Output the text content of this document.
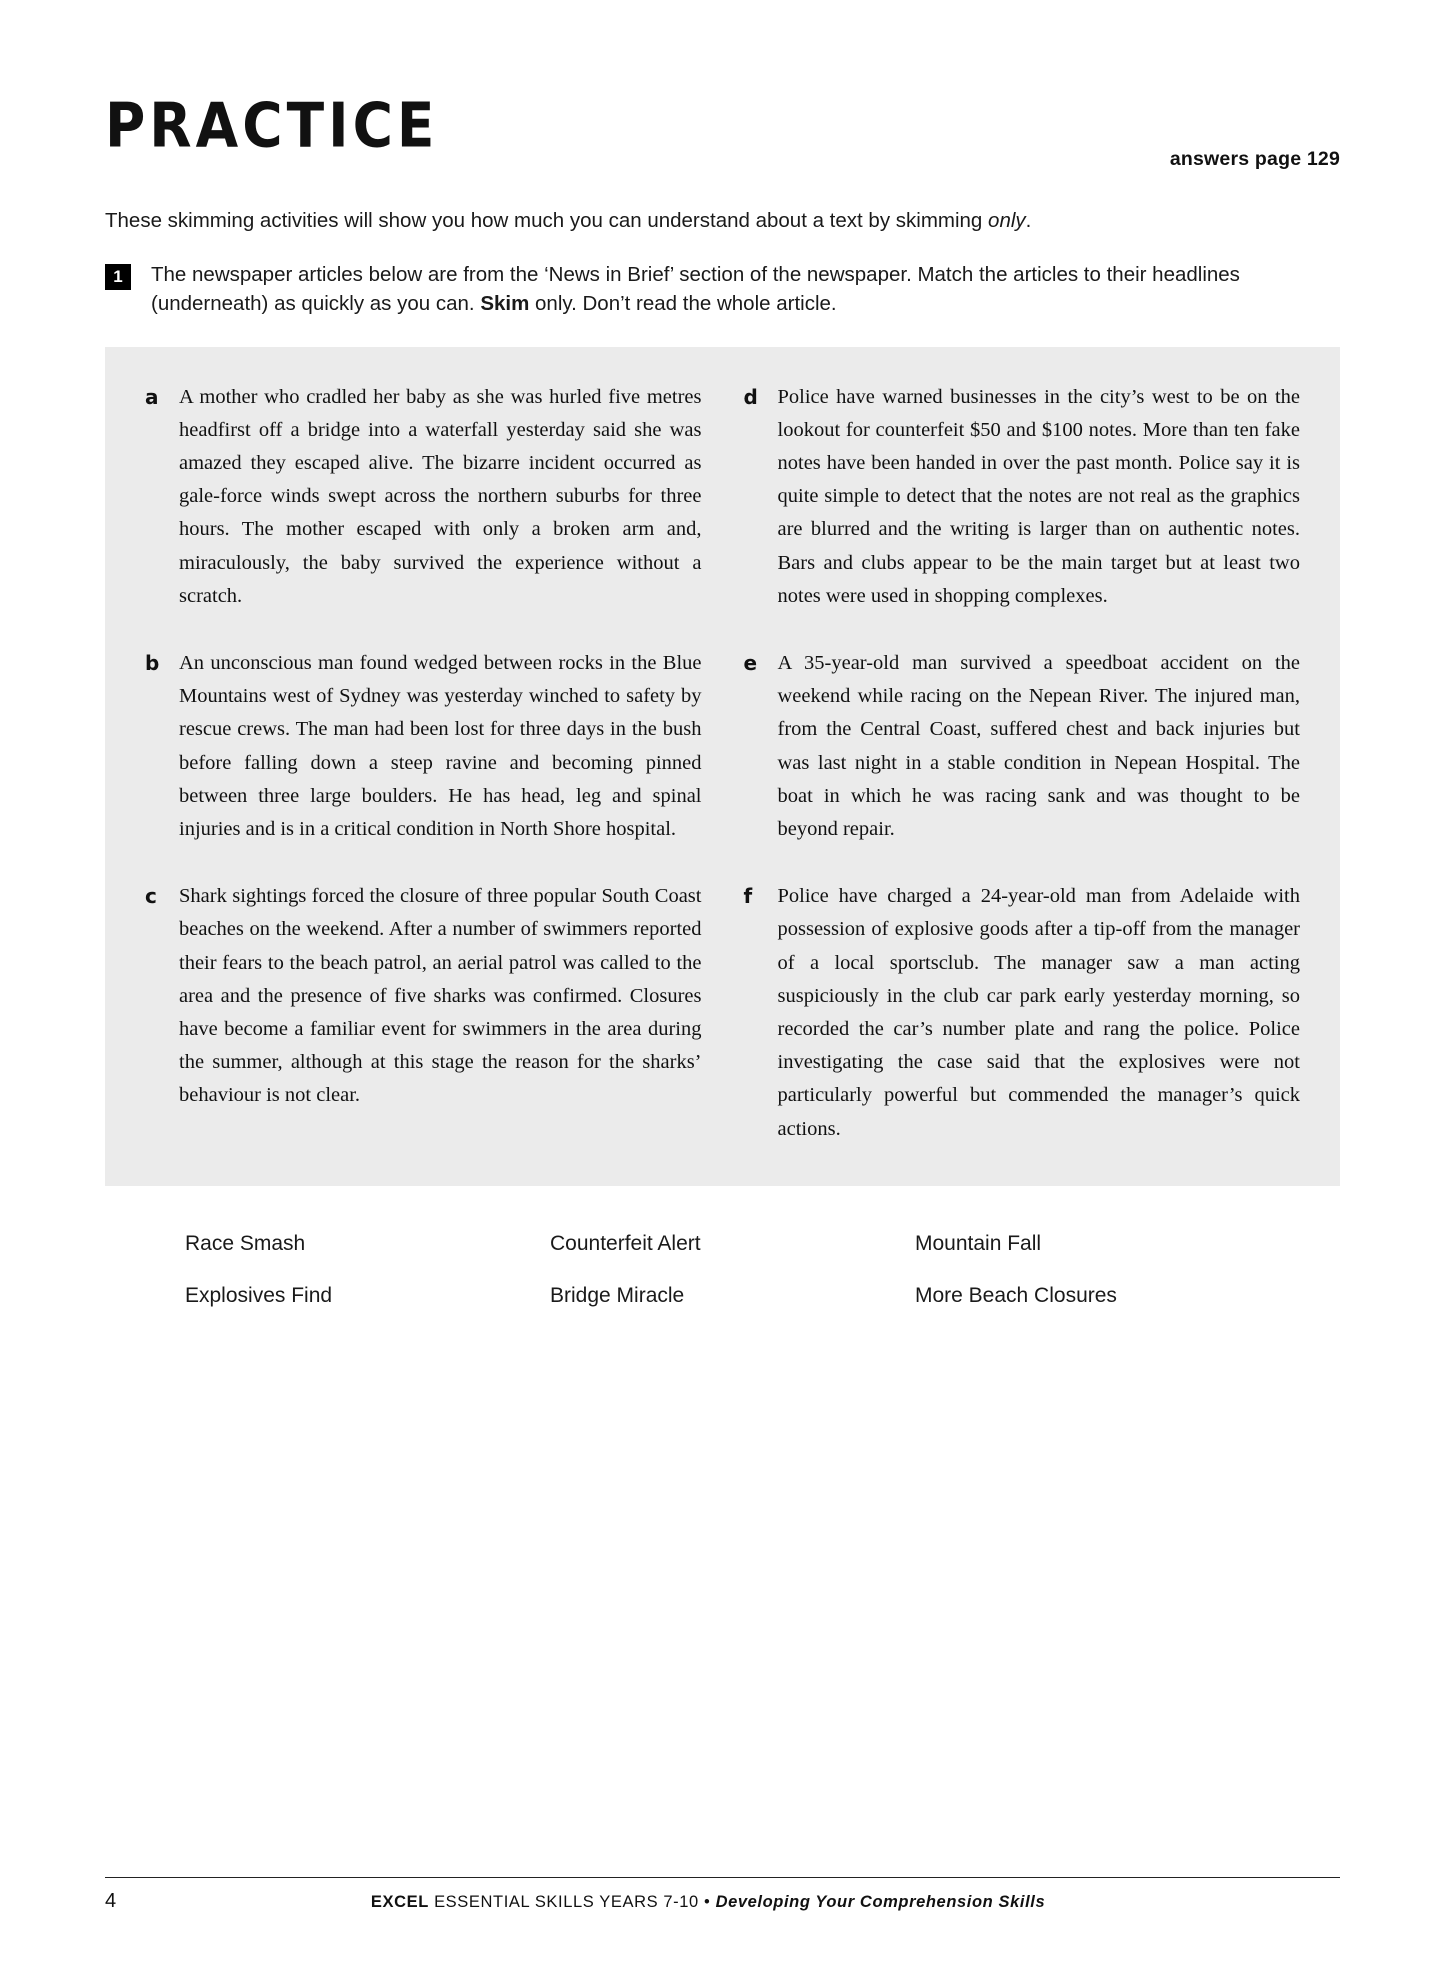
PRACTICE	answers page 129
These skimming activities will show you how much you can understand about a text by skimming only.
1	The newspaper articles below are from the ‘News in Brief’ section of the newspaper. Match the articles to their headlines (underneath) as quickly as you can. Skim only. Don’t read the whole article.
a	A mother who cradled her baby as she was hurled five metres headfirst off a bridge into a waterfall yesterday said she was amazed they escaped alive. The bizarre incident occurred as gale-force winds swept across the northern suburbs for three hours. The mother escaped with only a broken arm and, miraculously, the baby survived the experience without a scratch.
b An unconscious man found wedged between rocks in the Blue Mountains west of Sydney was yesterday winched to safety by rescue crews. The man had been lost for three days in the bush before falling down a steep ravine and becoming pinned between three large boulders. He has head, leg and spinal injuries and is in a critical condition in North Shore hospital.
c	Shark sightings forced the closure of three popular South Coast beaches on the weekend. After a number of swimmers reported their fears to the beach patrol, an aerial patrol was called to the area and the presence of five sharks was confirmed. Closures have become a familiar event for swimmers in the area during the summer, although at this stage the reason for the sharks’ behaviour is not clear.
d Police have warned businesses in the city’s west to be on the lookout for counterfeit $50 and $100 notes. More than ten fake notes have been handed in over the past month. Police say it is quite simple to detect that the notes are not real as the graphics are blurred and the writing is larger than on authentic notes. Bars and clubs appear to be the main target but at least two notes were used in shopping complexes.
e A 35-year-old man survived a speedboat accident on the weekend while racing on the Nepean River. The injured man, from the Central Coast, suffered chest and back injuries but was last night in a stable condition in Nepean Hospital. The boat in which he was racing sank and was thought to be beyond repair.
f	Police have charged a 24-year-old man from Adelaide with possession of explosive goods after a tip-off from the manager of a local sportsclub. The manager saw a man acting suspiciously in the club car park early yesterday morning, so recorded the car’s number plate and rang the police. Police investigating the case said that the explosives were not particularly powerful but commended the manager’s quick actions.
Race Smash	Counterfeit Alert	Mountain Fall
Explosives Find	Bridge Miracle	More Beach Closures
4	EXCEL ESSENTIAL SKILLS YEARS 7-10 • Developing Your Comprehension Skills
